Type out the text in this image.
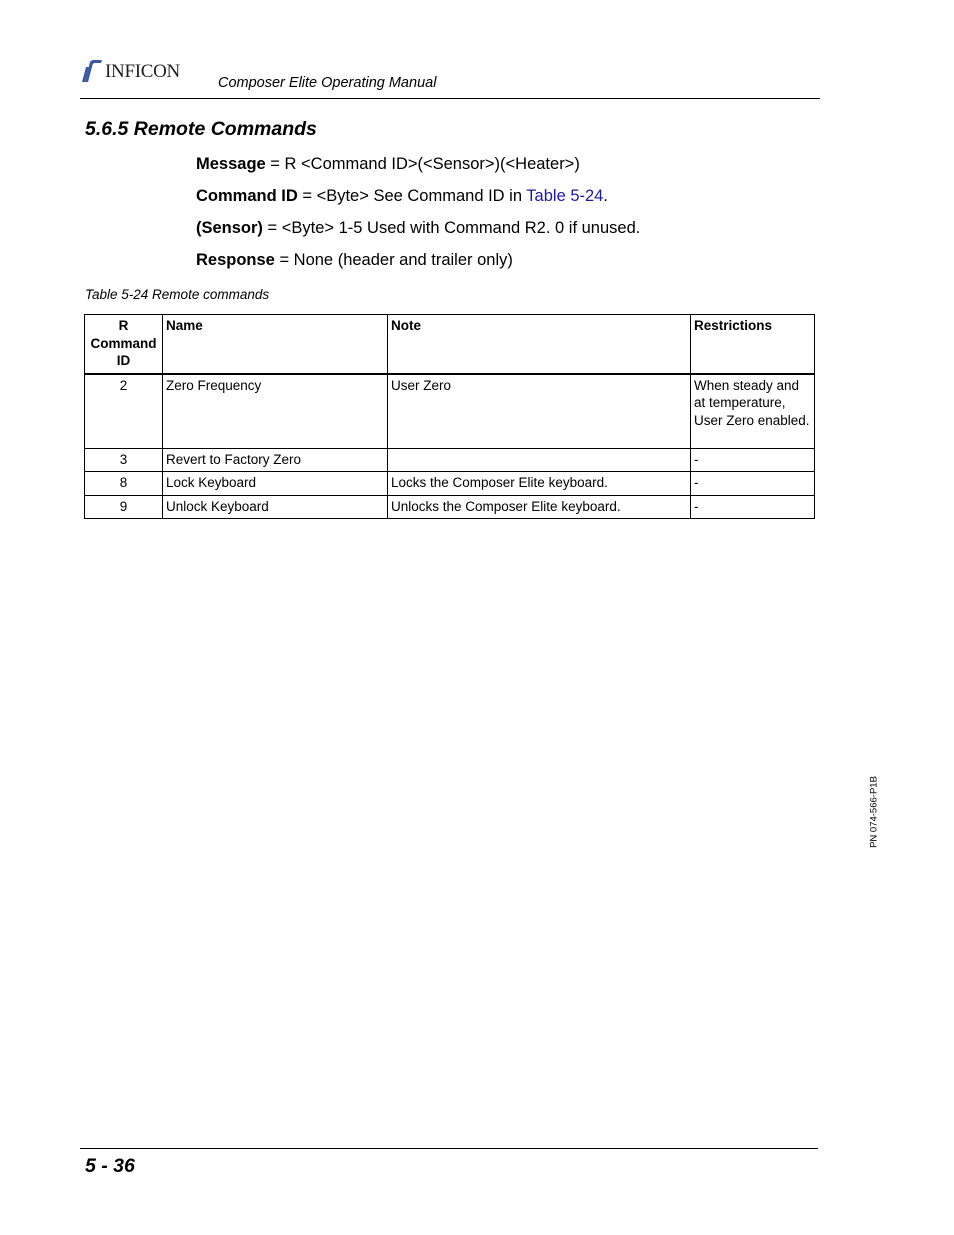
INFICON
Composer Elite Operating Manual
5.6.5 Remote Commands
Message = R <Command ID>(<Sensor>)(<Heater>)
Command ID = <Byte> See Command ID in Table 5-24.
(Sensor) = <Byte> 1-5 Used with Command R2. 0 if unused.
Response = None (header and trailer only)
Table 5-24 Remote commands
R Command ID	Name	Note	Restrictions
2	Zero Frequency	User Zero	When steady and at temperature, User Zero enabled.
3	Revert to Factory Zero		-
8	Lock Keyboard	Locks the Composer Elite keyboard.	-
9	Unlock Keyboard	Unlocks the Composer Elite keyboard.	-
PN 074-566-P1B
5 - 36
